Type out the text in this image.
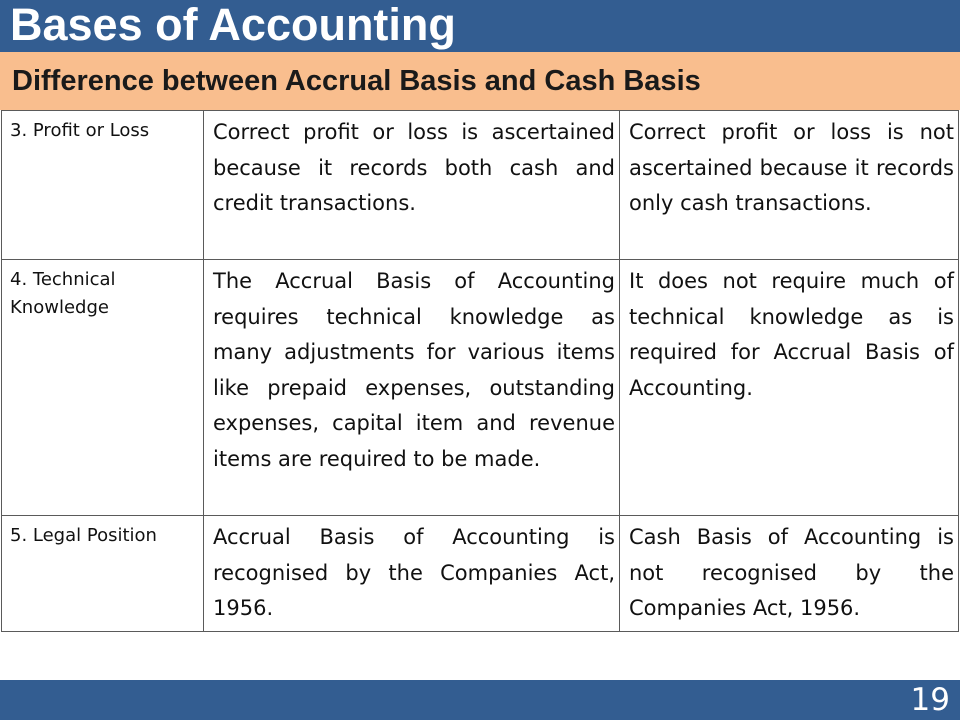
Bases of Accounting
Difference between Accrual Basis and Cash Basis
3. Profit or Loss	Correct profit or loss is ascertained because it records both cash and credit transactions.	Correct profit or loss is not ascertained because it records only cash transactions.
4. Technical Knowledge	The Accrual Basis of Accounting requires technical knowledge as many adjustments for various items like prepaid expenses, outstanding expenses, capital item and revenue items are required to be made.	It does not require much of technical knowledge as is required for Accrual Basis of Accounting.
5. Legal Position	Accrual Basis of Accounting is recognised by the Companies Act, 1956.	Cash Basis of Accounting is not recognised by the Companies Act, 1956.
19
